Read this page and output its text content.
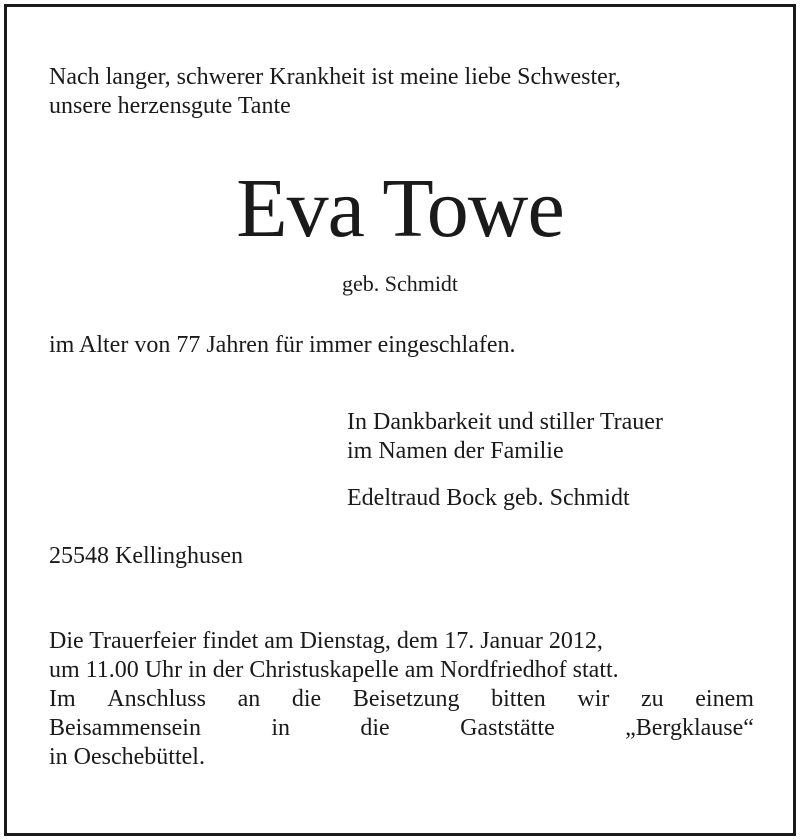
Nach langer, schwerer Krankheit ist meine liebe Schwester,
unsere herzensgute Tante
Eva Towe
geb. Schmidt
im Alter von 77 Jahren für immer eingeschlafen.
In Dankbarkeit und stiller Trauer
im Namen der Familie
Edeltraud Bock geb. Schmidt
25548 Kellinghusen
Die Trauerfeier findet am Dienstag, dem 17. Januar 2012,
um 11.00 Uhr in der Christuskapelle am Nordfriedhof statt.
Im Anschluss an die Beisetzung bitten wir zu einem
Beisammensein	in	die	Gaststätte	„Bergklause“
in Oeschebüttel.
